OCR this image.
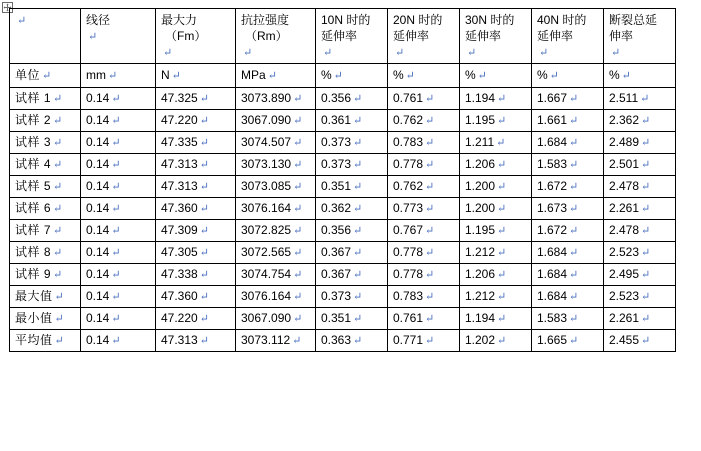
↵	线径
↵	最大力
（Fm）
↵	抗拉强度
（Rm）
↵	10N 时的
延伸率
↵	20N 时的
延伸率
↵	30N 时的
延伸率
↵	40N 时的
延伸率
↵	断裂总延
伸率
↵
单位 ↵	mm ↵	N ↵	MPa ↵	% ↵	% ↵	% ↵	% ↵	% ↵
试样 1 ↵	0.14 ↵	47.325 ↵	3073.890 ↵	0.356 ↵	0.761 ↵	1.194 ↵	1.667 ↵	2.511 ↵
试样 2 ↵	0.14 ↵	47.220 ↵	3067.090 ↵	0.361 ↵	0.762 ↵	1.195 ↵	1.661 ↵	2.362 ↵
试样 3 ↵	0.14 ↵	47.335 ↵	3074.507 ↵	0.373 ↵	0.783 ↵	1.211 ↵	1.684 ↵	2.489 ↵
试样 4 ↵	0.14 ↵	47.313 ↵	3073.130 ↵	0.373 ↵	0.778 ↵	1.206 ↵	1.583 ↵	2.501 ↵
试样 5 ↵	0.14 ↵	47.313 ↵	3073.085 ↵	0.351 ↵	0.762 ↵	1.200 ↵	1.672 ↵	2.478 ↵
试样 6 ↵	0.14 ↵	47.360 ↵	3076.164 ↵	0.362 ↵	0.773 ↵	1.200 ↵	1.673 ↵	2.261 ↵
试样 7 ↵	0.14 ↵	47.309 ↵	3072.825 ↵	0.356 ↵	0.767 ↵	1.195 ↵	1.672 ↵	2.478 ↵
试样 8 ↵	0.14 ↵	47.305 ↵	3072.565 ↵	0.367 ↵	0.778 ↵	1.212 ↵	1.684 ↵	2.523 ↵
试样 9 ↵	0.14 ↵	47.338 ↵	3074.754 ↵	0.367 ↵	0.778 ↵	1.206 ↵	1.684 ↵	2.495 ↵
最大值 ↵	0.14 ↵	47.360 ↵	3076.164 ↵	0.373 ↵	0.783 ↵	1.212 ↵	1.684 ↵	2.523 ↵
最小值 ↵	0.14 ↵	47.220 ↵	3067.090 ↵	0.351 ↵	0.761 ↵	1.194 ↵	1.583 ↵	2.261 ↵
平均值 ↵	0.14 ↵	47.313 ↵	3073.112 ↵	0.363 ↵	0.771 ↵	1.202 ↵	1.665 ↵	2.455 ↵
